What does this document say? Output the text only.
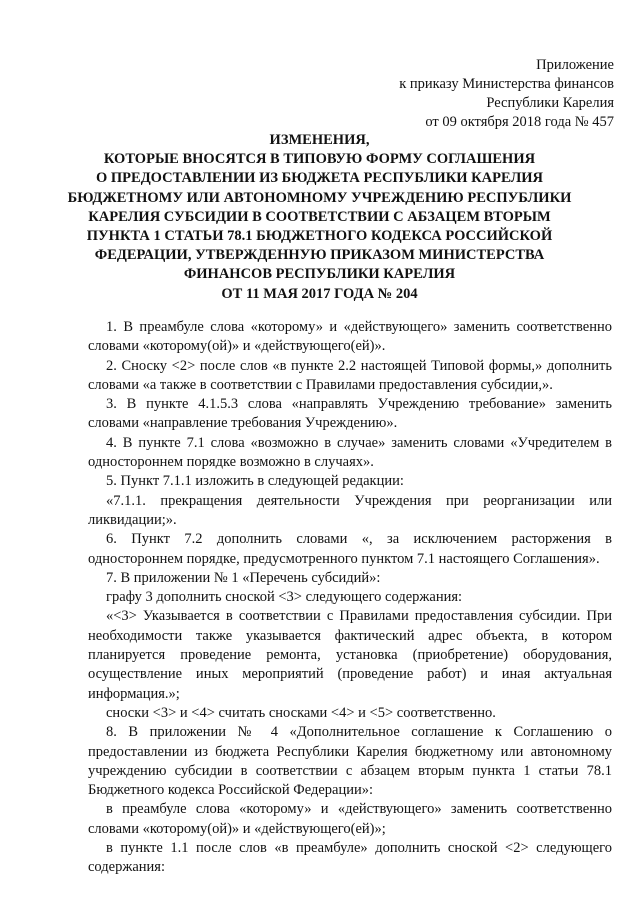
Приложение
к приказу Министерства финансов
Республики Карелия
от 09 октября 2018 года № 457
ИЗМЕНЕНИЯ,
КОТОРЫЕ ВНОСЯТСЯ В ТИПОВУЮ ФОРМУ СОГЛАШЕНИЯ
О ПРЕДОСТАВЛЕНИИ ИЗ БЮДЖЕТА РЕСПУБЛИКИ КАРЕЛИЯ
БЮДЖЕТНОМУ ИЛИ АВТОНОМНОМУ УЧРЕЖДЕНИЮ РЕСПУБЛИКИ
КАРЕЛИЯ СУБСИДИИ В СООТВЕТСТВИИ С АБЗАЦЕМ ВТОРЫМ
ПУНКТА 1 СТАТЬИ 78.1 БЮДЖЕТНОГО КОДЕКСА РОССИЙСКОЙ
ФЕДЕРАЦИИ, УТВЕРЖДЕННУЮ ПРИКАЗОМ МИНИСТЕРСТВА
ФИНАНСОВ РЕСПУБЛИКИ КАРЕЛИЯ
ОТ 11 МАЯ 2017 ГОДА № 204

1. В преамбуле слова «которому» и «действующего» заменить соответственно словами «которому(ой)» и «действующего(ей)».

2. Сноску <2> после слов «в пункте 2.2 настоящей Типовой формы,» дополнить словами «а также в соответствии с Правилами предоставления субсидии,».

3. В пункте 4.1.5.3 слова «направлять Учреждению требование» заменить словами «направление требования Учреждению».

4. В пункте 7.1 слова «возможно в случае» заменить словами «Учредителем в одностороннем порядке возможно в случаях».

5. Пункт 7.1.1 изложить в следующей редакции:

«7.1.1. прекращения деятельности Учреждения при реорганизации или ликвидации;».

6. Пункт 7.2 дополнить словами «, за исключением расторжения в одностороннем порядке, предусмотренного пунктом 7.1 настоящего Соглашения».

7. В приложении № 1 «Перечень субсидий»:

графу 3 дополнить сноской <3> следующего содержания:

«<3> Указывается в соответствии с Правилами предоставления субсидии. При необходимости также указывается фактический адрес объекта, в котором планируется проведение ремонта, установка (приобретение) оборудования, осуществление иных мероприятий (проведение работ) и иная актуальная информация.»;

сноски <3> и <4> считать сносками <4> и <5> соответственно.

8. В приложении № 4 «Дополнительное соглашение к Соглашению о предоставлении из бюджета Республики Карелия бюджетному или автономному учреждению субсидии в соответствии с абзацем вторым пункта 1 статьи 78.1 Бюджетного кодекса Российской Федерации»:

в преамбуле слова «которому» и «действующего» заменить соответственно словами «которому(ой)» и «действующего(ей)»;

в пункте 1.1 после слов «в преамбуле» дополнить сноской <2> следующего содержания:
